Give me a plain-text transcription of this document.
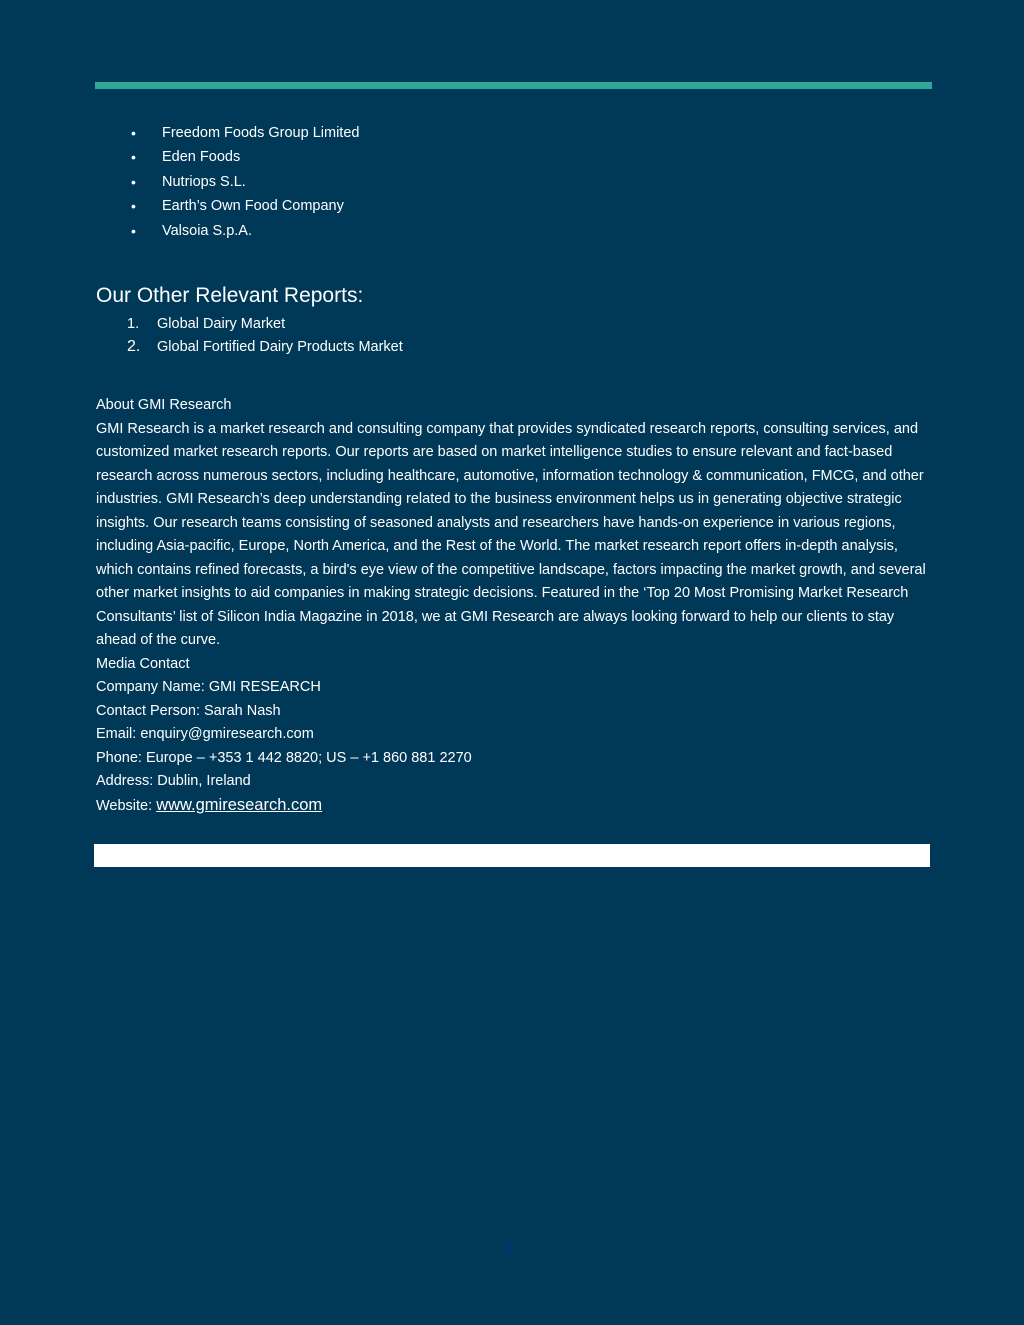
• Freedom Foods Group Limited
• Eden Foods
• Nutriops S.L.
• Earth’s Own Food Company
• Valsoia S.p.A.
Our Other Relevant Reports:
1. Global Dairy Market
2. Global Fortified Dairy Products Market

About GMI Research

GMI Research is a market research and consulting company that provides syndicated research reports, consulting services, and customized market research reports. Our reports are based on market intelligence studies to ensure relevant and fact-based research across numerous sectors, including healthcare, automotive, information technology & communication, FMCG, and other industries. GMI Research’s deep understanding related to the business environment helps us in generating objective strategic insights. Our research teams consisting of seasoned analysts and researchers have hands-on experience in various regions, including Asia-pacific, Europe, North America, and the Rest of the World. The market research report offers in-depth analysis, which contains refined forecasts, a bird's eye view of the competitive landscape, factors impacting the market growth, and several other market insights to aid companies in making strategic decisions. Featured in the ‘Top 20 Most Promising Market Research Consultants’ list of Silicon India Magazine in 2018, we at GMI Research are always looking forward to help our clients to stay ahead of the curve.

Media Contact

Company Name: GMI RESEARCH

Contact Person: Sarah Nash

Email: enquiry@gmiresearch.com

Phone: Europe – +353 1 442 8820; US – +1 860 881 2270

Address: Dublin, Ireland

Website: www.gmiresearch.com

3
